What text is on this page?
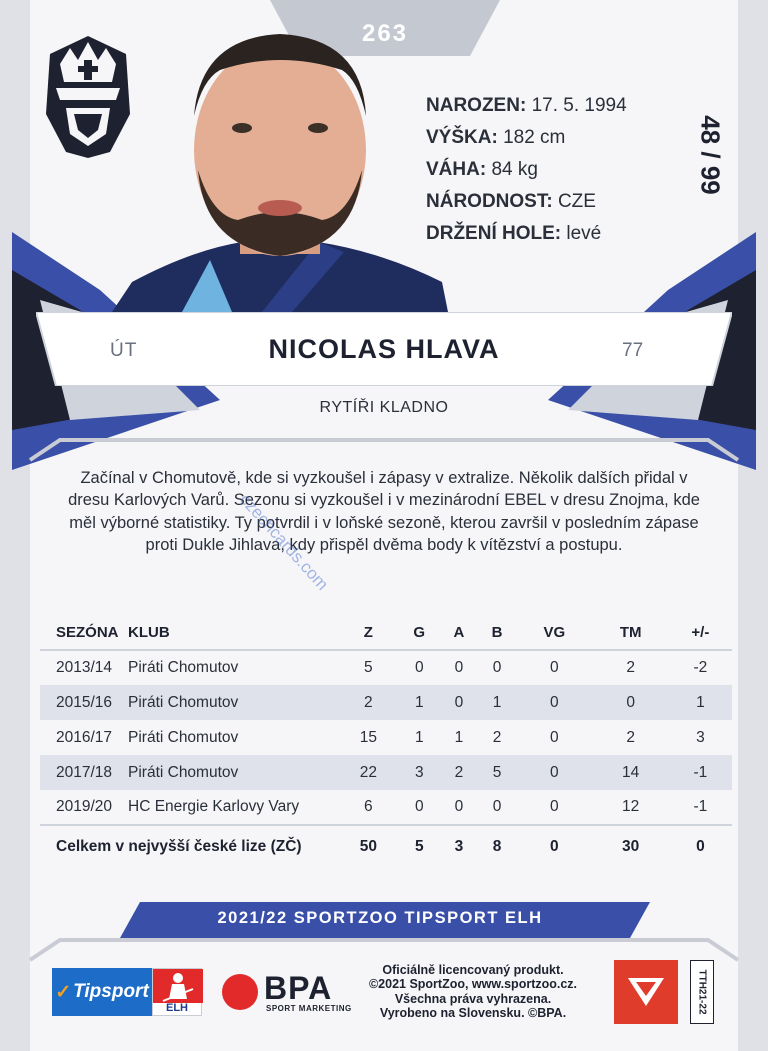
263
NAROZEN: 17. 5. 1994
VÝŠKA: 182 cm
VÁHA: 84 kg
NÁRODNOST: CZE
DRŽENÍ HOLE: levé
48 / 99
ÚT	NICOLAS HLAVA	77
RYTÍŘI KLADNO
Začínal v Chomutově, kde si vyzkoušel i zápasy v extralize. Několik dalších přidal v dresu Karlových Varů. Sezonu si vyzkoušel i v mezinárodní EBEL v dresu Znojma, kde měl výborné statistiky. Ty potvrdil i v loňské sezoně, kterou završil v posledním zápase proti Dukle Jihlava, kdy přispěl dvěma body k vítězství a postupu.
czechcards.com
SEZÓNA	KLUB	Z	G	A	B	VG	TM	+/-
2013/14	Piráti Chomutov	5	0	0	0	0	2	-2
2015/16	Piráti Chomutov	2	1	0	1	0	0	1
2016/17	Piráti Chomutov	15	1	1	2	0	2	3
2017/18	Piráti Chomutov	22	3	2	5	0	14	-1
2019/20	HC Energie Karlovy Vary	6	0	0	0	0	12	-1
Celkem v nejvyšší české lize (ZČ)		50	5	3	8	0	30	0
2021/22 SPORTZOO TIPSPORT ELH
✓ Tipsport
ELH
BPA
SPORT MARKETING
Oficiálně licencovaný produkt.
©2021 SportZoo, www.sportzoo.cz.
Všechna práva vyhrazena.
Vyrobeno na Slovensku. ©BPA.	TTH21-22
